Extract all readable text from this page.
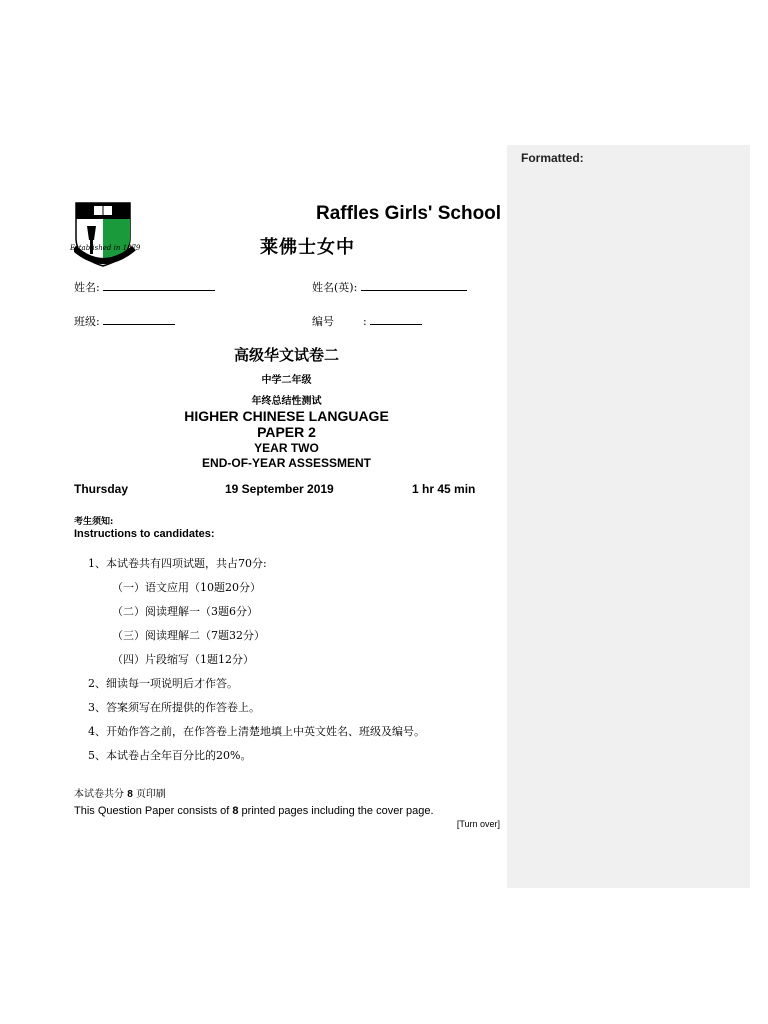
Formatted:
Established in 1879
Raffles Girls' School
莱佛士女中
姓名:	姓名(英):
班级:	编号	:
高级华文试卷二
中学二年级
年终总结性测试
HIGHER CHINESE LANGUAGE
PAPER 2
YEAR TWO
END-OF-YEAR ASSESSMENT
Thursday	19 September 2019	1 hr 45 min
考生须知:
Instructions to candidates:
1、本试卷共有四项试题，共占70分:
（一）语文应用（10题20分）
（二）阅读理解一（3题6分）
（三）阅读理解二（7题32分）
（四）片段缩写（1题12分）
2、细读每一项说明后才作答。
3、答案须写在所提供的作答卷上。
4、开始作答之前，在作答卷上清楚地填上中英文姓名、班级及编号。
5、本试卷占全年百分比的20%。
本试卷共分 8 页印刷
This Question Paper consists of 8 printed pages including the cover page.
[Turn over]
